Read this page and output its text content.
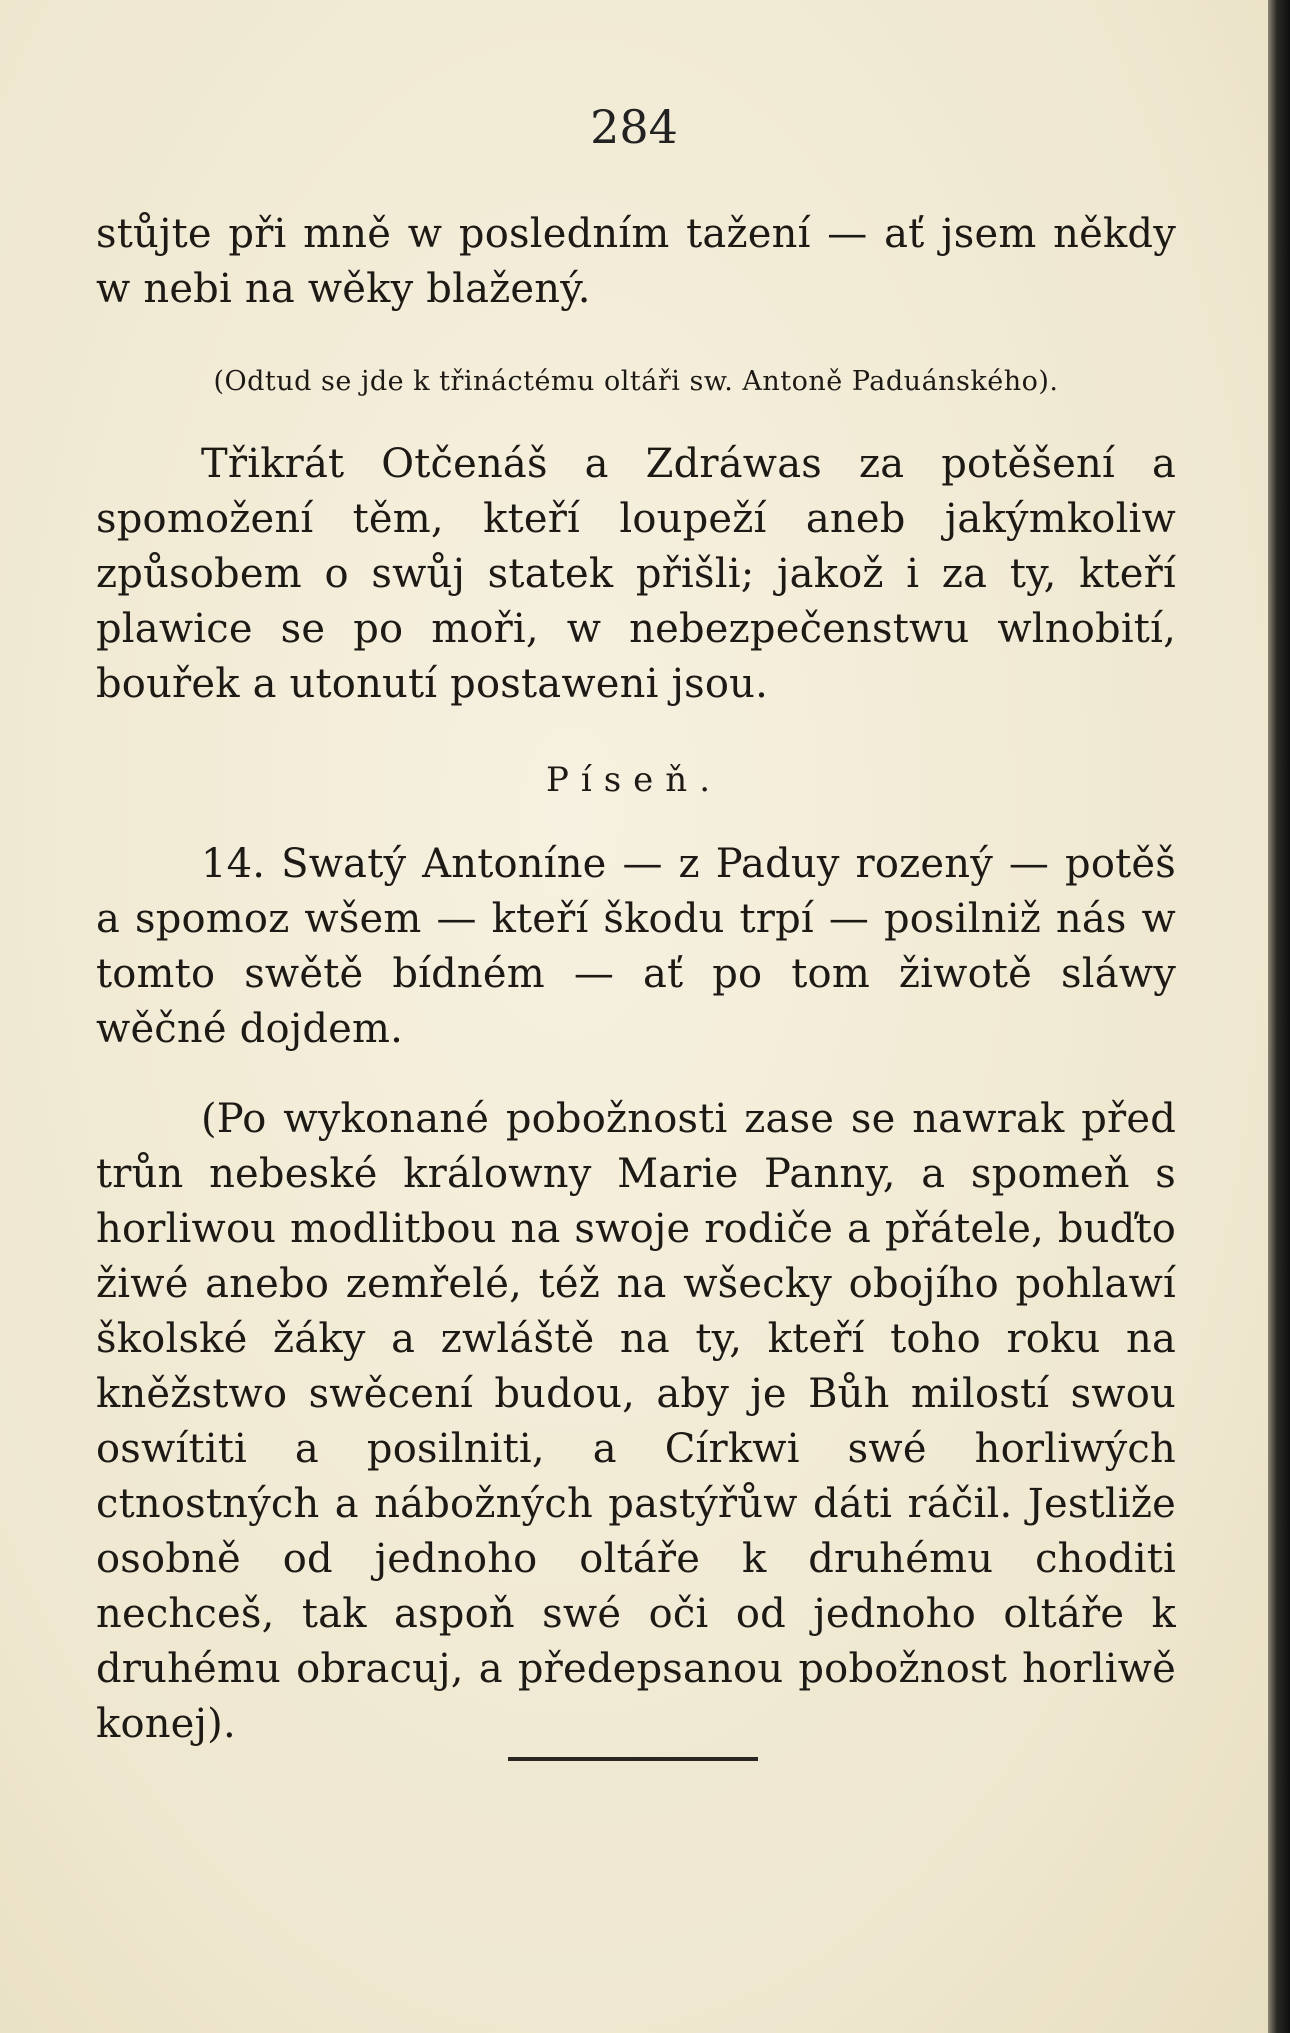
284
stůjte při mně w posledním tažení — ať jsem někdy w nebi na wěky blažený.
(Odtud se jde k třináctému oltáři sw. Antoně Paduánského).
Třikrát Otčenáš a Zdráwas za potěšení a spomožení těm, kteří loupeží aneb jakýmkoliw způsobem o swůj statek přišli; jakož i za ty, kteří plawice se po moři, w nebezpečenstwu wlnobití, bouřek a utonutí postaweni jsou.
Píseň.
14. Swatý Antoníne — z Paduy rozený — potěš a spomoz wšem — kteří škodu trpí — posilniž nás w tomto swětě bídném — ať po tom žiwotě sláwy wěčné dojdem.
(Po wykonané pobožnosti zase se nawrak před trůn nebeské králowny Marie Panny, a spomeň s horliwou modlitbou na swoje rodiče a přátele, buďto žiwé anebo zemřelé, též na wšecky obojího pohlawí školské žáky a zwláště na ty, kteří toho roku na kněžstwo swěcení budou, aby je Bůh milostí swou oswítiti a posilniti, a Církwi swé horliwých ctnostných a nábožných pastýřůw dáti ráčil. Jestliže osobně od jednoho oltáře k druhému choditi nechceš, tak aspoň swé oči od jednoho oltáře k druhému obracuj, a předepsanou pobožnost horliwě konej).
